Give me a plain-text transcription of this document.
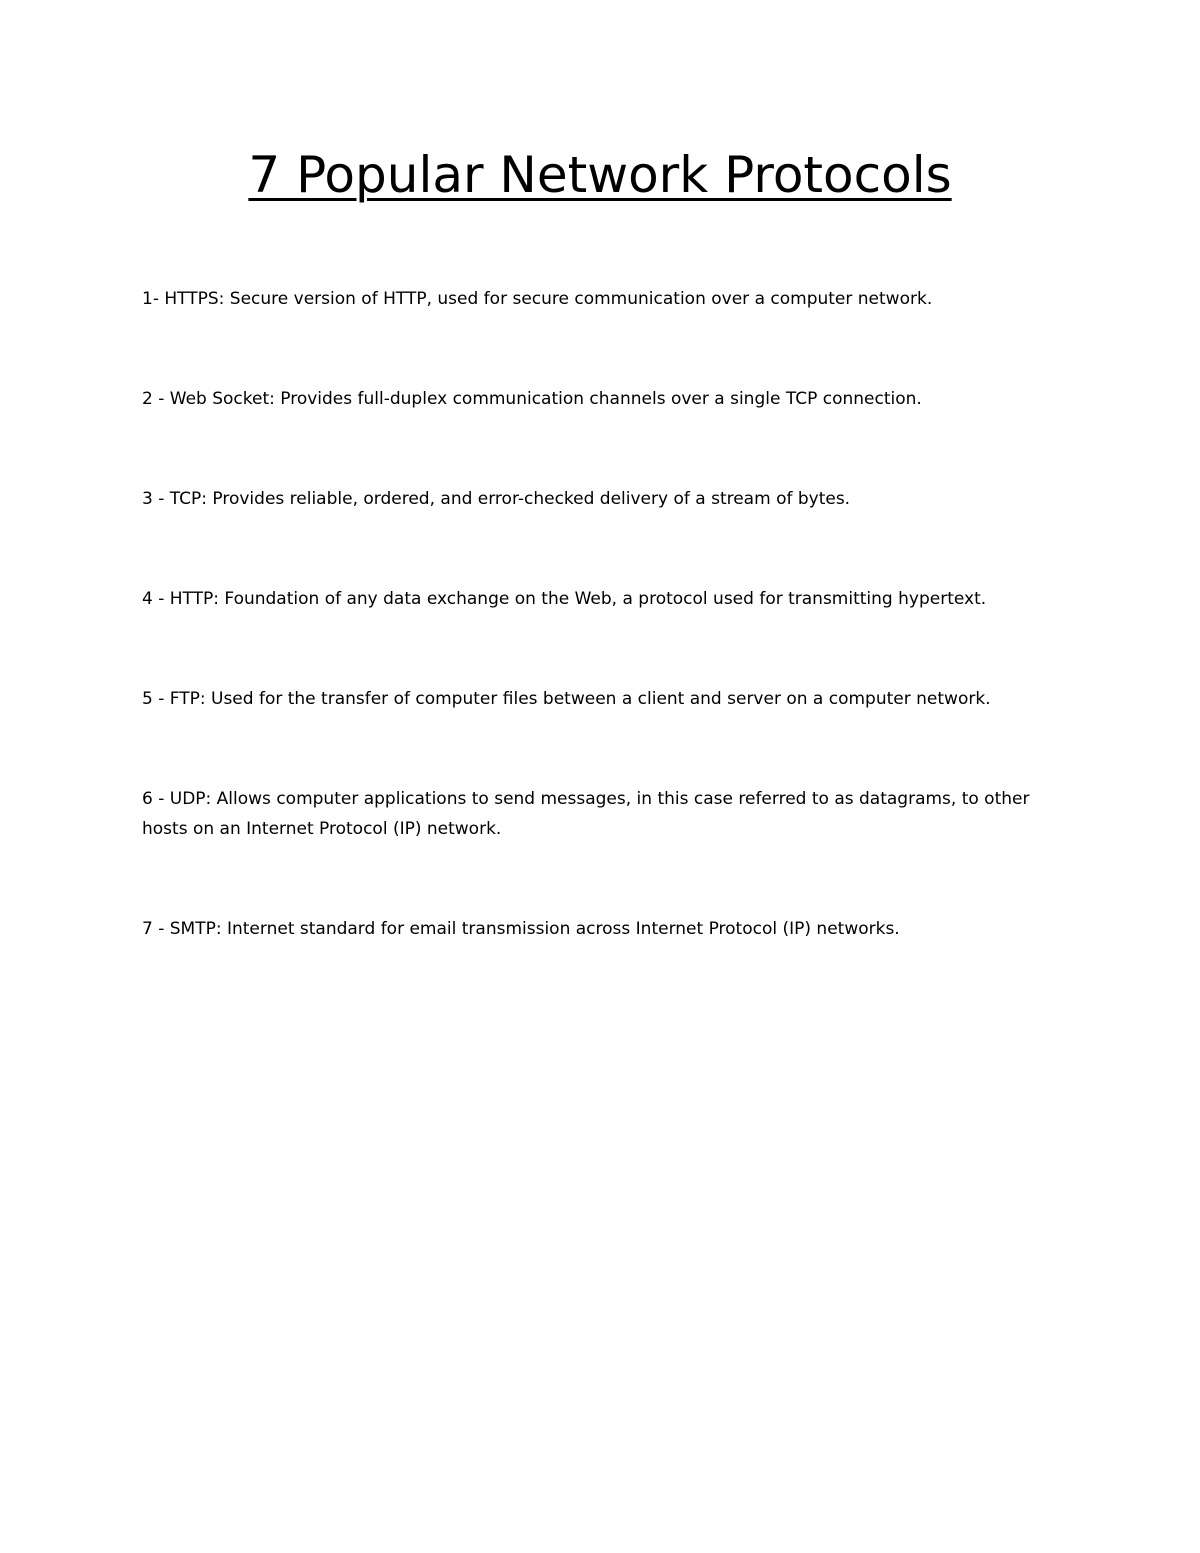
7 Popular Network Protocols

1- HTTPS: Secure version of HTTP, used for secure communication over a computer network.

2 - Web Socket: Provides full-duplex communication channels over a single TCP connection.

3 - TCP: Provides reliable, ordered, and error-checked delivery of a stream of bytes.

4 - HTTP: Foundation of any data exchange on the Web, a protocol used for transmitting hypertext.

5 - FTP: Used for the transfer of computer files between a client and server on a computer network.

6 - UDP: Allows computer applications to send messages, in this case referred to as datagrams, to other hosts on an Internet Protocol (IP) network.

7 - SMTP: Internet standard for email transmission across Internet Protocol (IP) networks.
